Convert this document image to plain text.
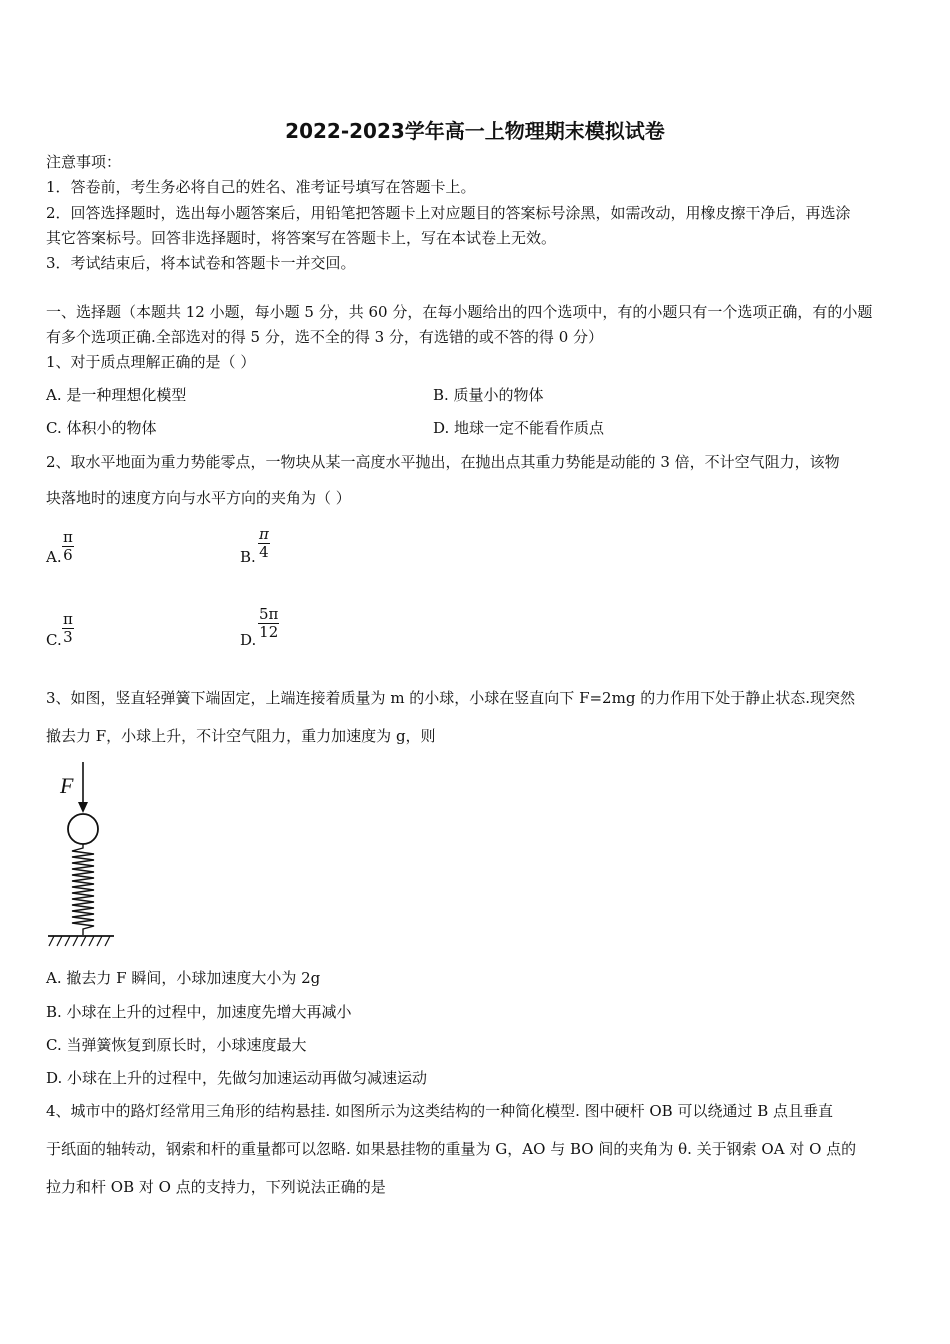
2022-2023学年高一上物理期末模拟试卷
注意事项：
1．答卷前，考生务必将自己的姓名、准考证号填写在答题卡上。
2．回答选择题时，选出每小题答案后，用铅笔把答题卡上对应题目的答案标号涂黑，如需改动，用橡皮擦干净后，再选涂
其它答案标号。回答非选择题时，将答案写在答题卡上，写在本试卷上无效。
3．考试结束后，将本试卷和答题卡一并交回。
一、选择题（本题共 12 小题，每小题 5 分，共 60 分，在每小题给出的四个选项中，有的小题只有一个选项正确，有的小题
有多个选项正确.全部选对的得 5 分，选不全的得 3 分，有选错的或不答的得 0 分）
1、对于质点理解正确的是（ ）
A. 是一种理想化模型	B. 质量小的物体
C. 体积小的物体	D. 地球一定不能看作质点
2、取水平地面为重力势能零点，一物块从某一高度水平抛出，在抛出点其重力势能是动能的 3 倍，不计空气阻力，该物
块落地时的速度方向与水平方向的夹角为（ ）
A. $\frac{\pi}{6}$	B. $\frac{\pi}{4}$
C. $\frac{\pi}{3}$	D. $\frac{5\pi}{12}$
3、如图，竖直轻弹簧下端固定，上端连接着质量为 m 的小球，小球在竖直向下 F=2mg 的力作用下处于静止状态.现突然
撤去力 F，小球上升，不计空气阻力，重力加速度为 g，则
F
A. 撤去力 F 瞬间，小球加速度大小为 2g
B. 小球在上升的过程中，加速度先增大再减小
C. 当弹簧恢复到原长时，小球速度最大
D. 小球在上升的过程中，先做匀加速运动再做匀减速运动
4、城市中的路灯经常用三角形的结构悬挂. 如图所示为这类结构的一种简化模型. 图中硬杆 OB 可以绕通过 B 点且垂直
于纸面的轴转动，钢索和杆的重量都可以忽略. 如果悬挂物的重量为 G，AO 与 BO 间的夹角为 θ. 关于钢索 OA 对 O 点的
拉力和杆 OB 对 O 点的支持力，下列说法正确的是
